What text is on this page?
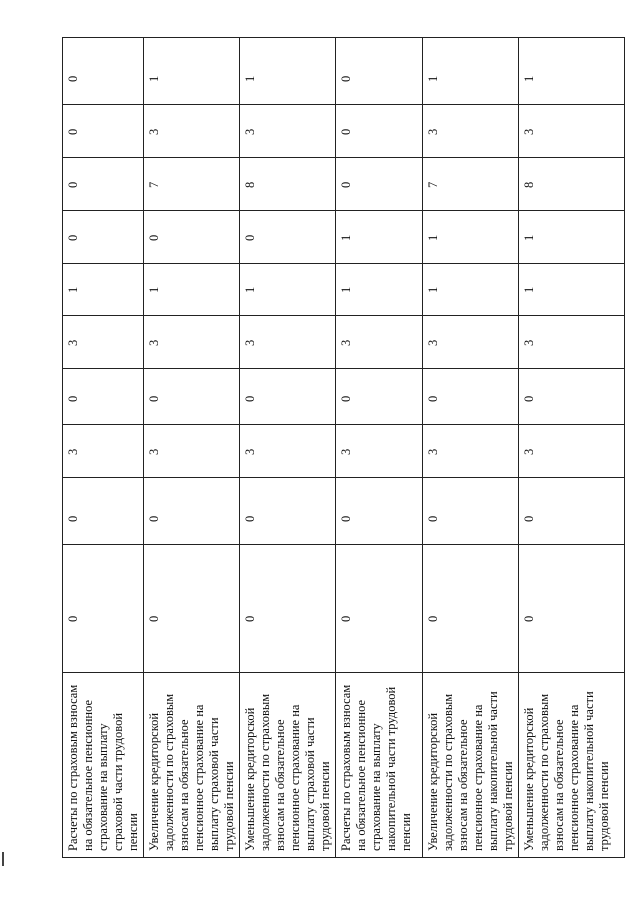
Расчеты по страховым взносам на обязательное пенсионное страхование на выплату страховой части трудовой пенсии	0	0	3	0	3	1	0	0	0	0
Увеличение кредиторской задолженности по страховым взносам на обязательное пенсионное страхование на выплату страховой части трудовой пенсии	0	0	3	0	3	1	0	7	3	1
Уменьшение кредиторской задолженности по страховым взносам на обязательное пенсионное страхование на выплату страховой части трудовой пенсии	0	0	3	0	3	1	0	8	3	1
Расчеты по страховым взносам на обязательное пенсионное страхование на выплату накопительной части трудовой пенсии	0	0	3	0	3	1	1	0	0	0
Увеличение кредиторской задолженности по страховым взносам на обязательное пенсионное страхование на выплату накопительной части трудовой пенсии	0	0	3	0	3	1	1	7	3	1
Уменьшение кредиторской задолженности по страховым взносам на обязательное пенсионное страхование на выплату накопительной части трудовой пенсии	0	0	3	0	3	1	1	8	3	1
